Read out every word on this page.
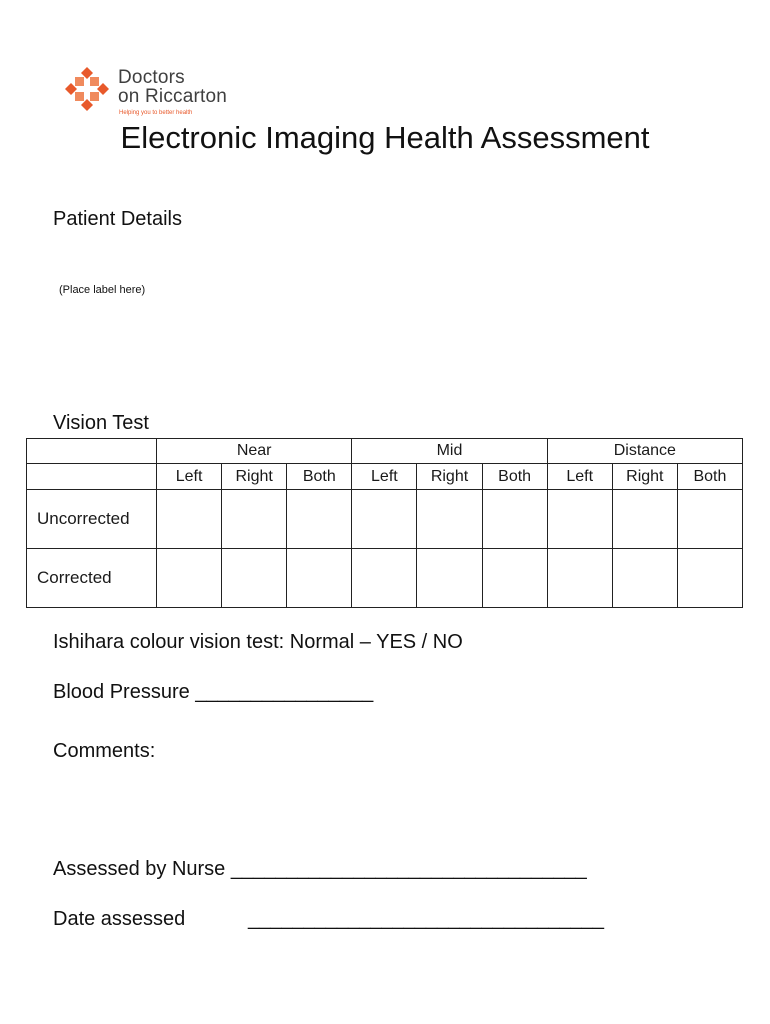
Doctors
on Riccarton
Helping you to better health
Electronic Imaging Health Assessment
Patient Details
(Place label here)
Vision Test
	Near			Mid			Distance		
	Left	Right	Both	Left	Right	Both	Left	Right	Both
Uncorrected									
Corrected									
Ishihara colour vision test: Normal – YES / NO
Blood Pressure ________________
Comments:
Assessed by Nurse ________________________________
Date assessed	________________________________
